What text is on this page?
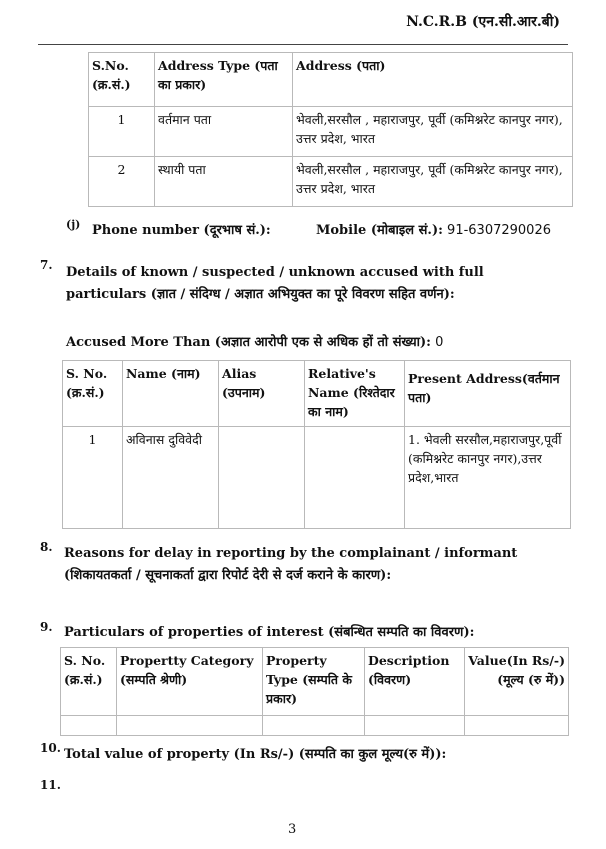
N.C.R.B (एन.सी.आर.बी)
S.No. (क्र.सं.)	Address Type (पता का प्रकार)	Address (पता)
1	वर्तमान पता	भेवली,सरसौल , महाराजपुर, पूर्वी (कमिश्नरेट कानपुर नगर), उत्तर प्रदेश, भारत
2	स्थायी पता	भेवली,सरसौल , महाराजपुर, पूर्वी (कमिश्नरेट कानपुर नगर), उत्तर प्रदेश, भारत
(j) Phone number (दूरभाष सं.):	Mobile (मोबाइल सं.): 91-6307290026
7. Details of known / suspected / unknown accused with full particulars (ज्ञात / संदिग्ध / अज्ञात अभियुक्त का पूरे विवरण सहित वर्णन):
Accused More Than (अज्ञात आरोपी एक से अधिक हों तो संख्या): 0
S. No. (क्र.सं.)	Name (नाम)	Alias (उपनाम)	Relative's Name (रिश्तेदार का नाम)	Present Address(वर्तमान पता)
1	अविनास दुविवेदी			1. भेवली सरसौल,महाराजपुर,पूर्वी (कमिश्नरेट कानपुर नगर),उत्तर प्रदेश,भारत
8. Reasons for delay in reporting by the complainant / informant (शिकायतकर्ता / सूचनाकर्ता द्वारा रिपोर्ट देरी से दर्ज कराने के कारण):
9. Particulars of properties of interest (संबन्धित सम्पति का विवरण):
S. No. (क्र.सं.)	Propertty Category (सम्पति श्रेणी)	Property Type (सम्पति के प्रकार)	Description (विवरण)	Value(In Rs/-) (मूल्य (रु में))

10. Total value of property (In Rs/-) (सम्पति का कुल मूल्य(रु में)):
11.
3
